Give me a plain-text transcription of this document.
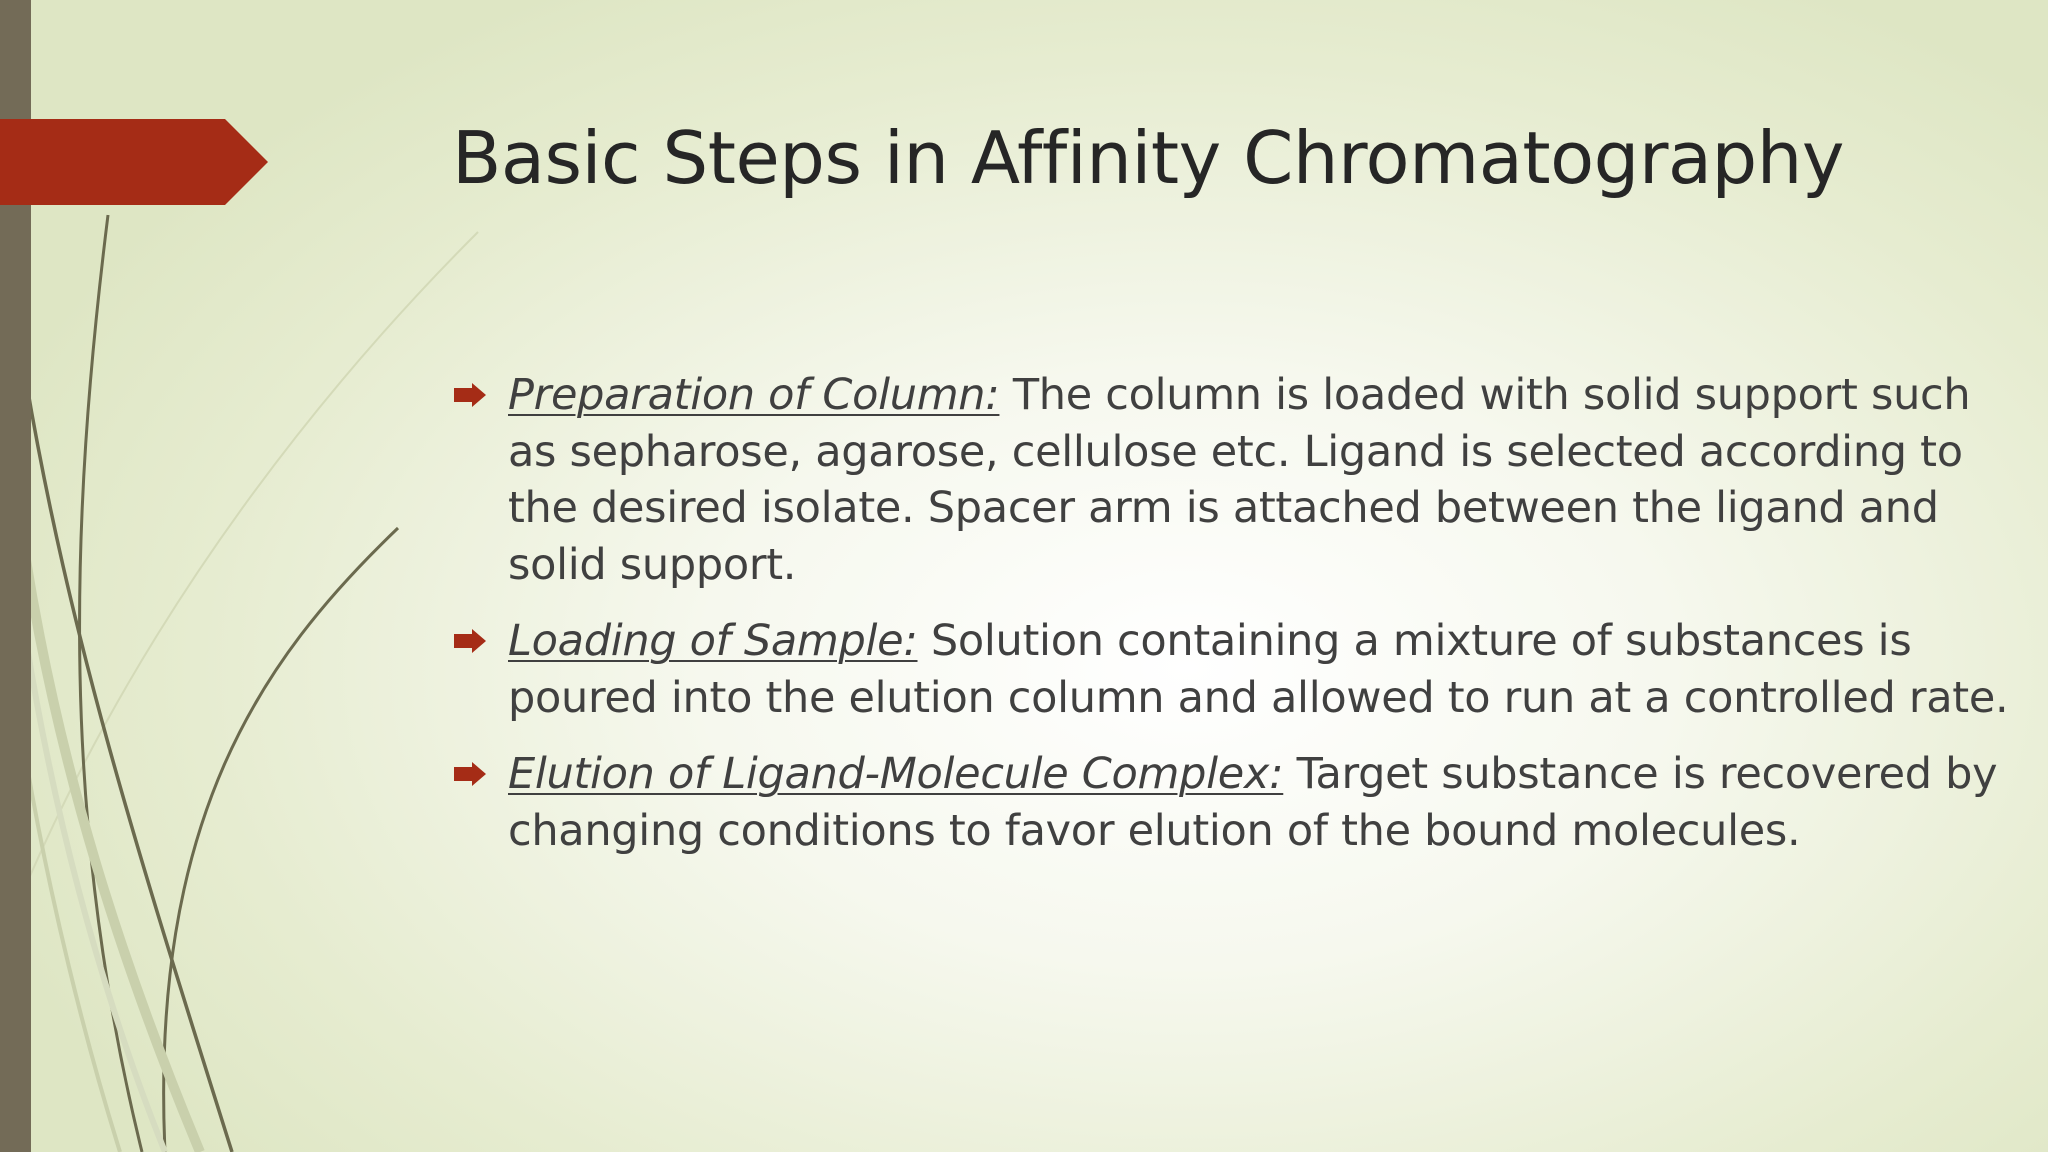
Basic Steps in Affinity Chromatography
Preparation of Column: The column is loaded with solid support such as sepharose, agarose, cellulose etc. Ligand is selected according to the desired isolate. Spacer arm is attached between the ligand and solid support.
Loading of Sample: Solution containing a mixture of substances is poured into the elution column and allowed to run at a controlled rate.
Elution of Ligand-Molecule Complex: Target substance is recovered by changing conditions to favor elution of the bound molecules.
